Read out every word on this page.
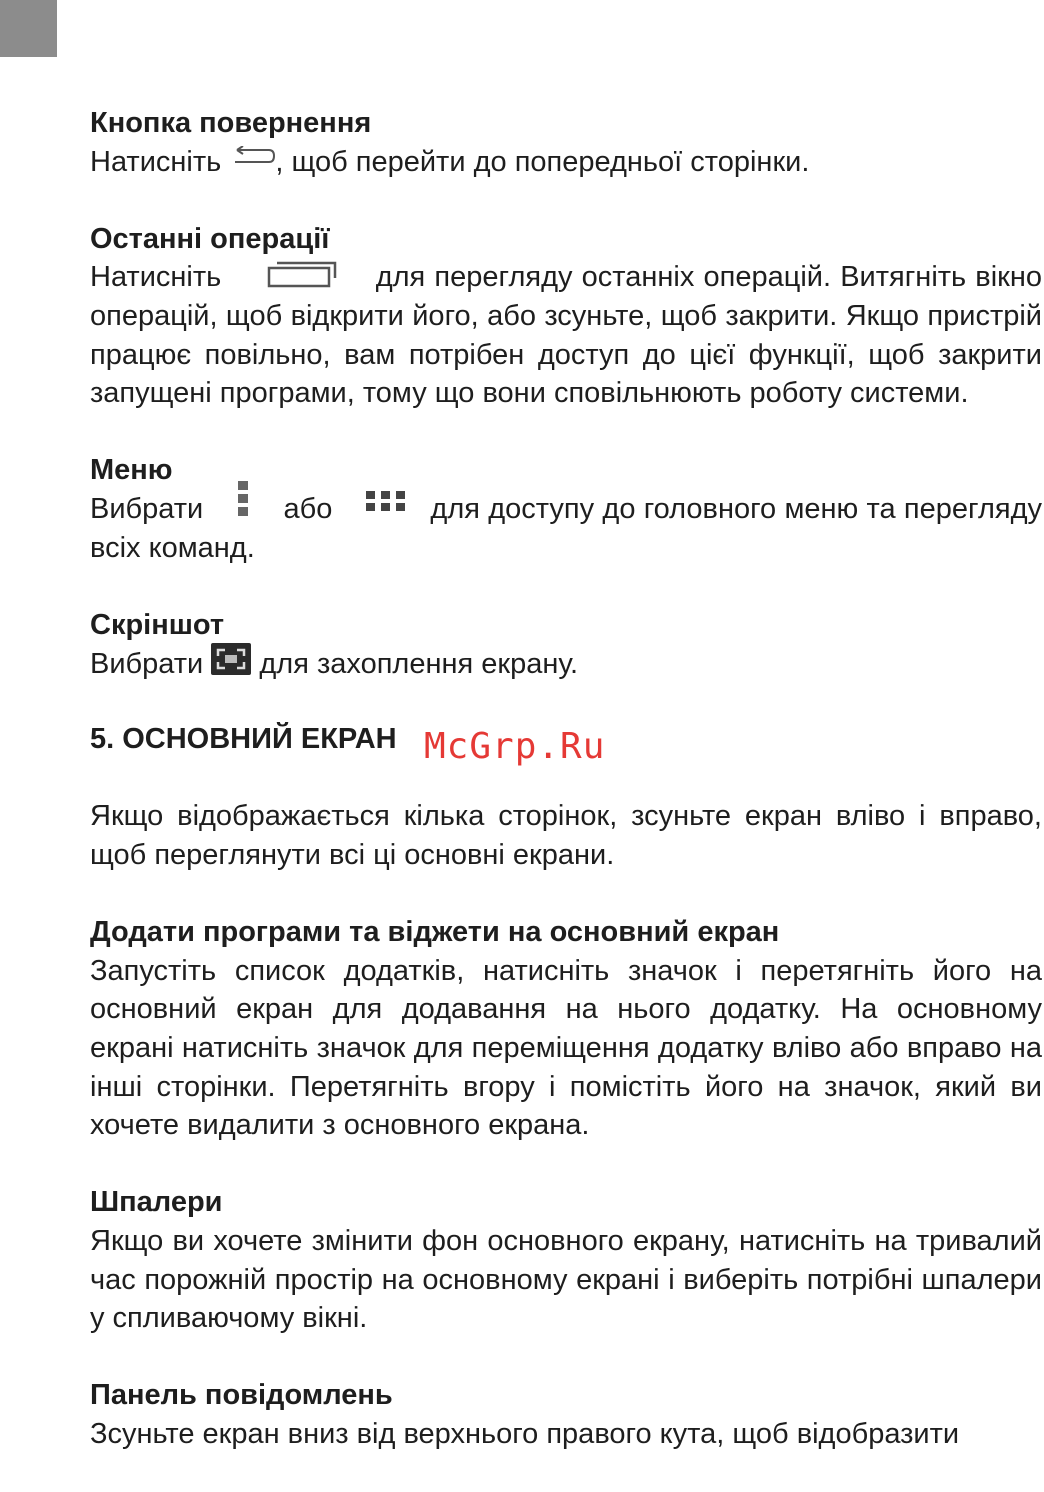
Кнопка повернення

Натисніть , щоб перейти до попередньої сторінки.

Останні операції

Натисніть	для перегляду останніх операцій. Витягніть вікно операцій, щоб відкрити його, або зсуньте, щоб закрити. Якщо пристрій працює повільно, вам потрібен доступ до цієї функції, щоб закрити запущені програми, тому що вони сповільнюють роботу системи.

Меню

Вибрати	або	для доступу до головного меню та перегляду всіх команд.

Скріншот

Вибрати для захоплення екрану.

5. ОСНОВНИЙ ЕКРАН

Якщо відображається кілька сторінок, зсуньте екран вліво і вправо, щоб переглянути всі ці основні екрани.

Додати програми та віджети на основний екран

Запустіть список додатків, натисніть значок і перетягніть його на основний екран для додавання на нього додатку. На основному екрані натисніть значок для переміщення додатку вліво або вправо на інші сторінки. Перетягніть вгору і помістіть його на значок, який ви хочете видалити з основного екрана.

Шпалери

Якщо ви хочете змінити фон основного екрану, натисніть на тривалий час порожній простір на основному екрані і виберіть потрібні шпалери у спливаючому вікні.

Панель повідомлень

Зсуньте екран вниз від верхнього правого кута, щоб відобразити

McGrp.Ru
